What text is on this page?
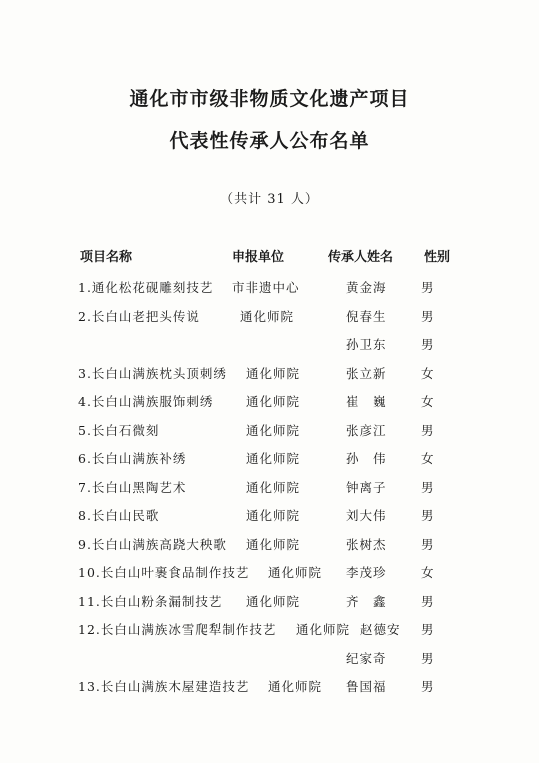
通化市市级非物质文化遗产项目
代表性传承人公布名单
（共计 31 人）
项目名称	申报单位	传承人姓名 性别
1.通化松花砚雕刻技艺 市非遗中心	黄金海	男
2.长白山老把头传说	通化师院	倪春生	男
孙卫东	男
3.长白山满族枕头顶刺绣 通化师院	张立新	女
4.长白山满族服饰刺绣	通化师院	崔　巍	女
5.长白石微刻	通化师院	张彦江	男
6.长白山满族补绣	通化师院	孙　伟	女
7.长白山黑陶艺术	通化师院	钟离子	男
8.长白山民歌	通化师院	刘大伟	男
9.长白山满族高跷大秧歌 通化师院	张树杰	男
10.长白山叶裹食品制作技艺 通化师院 李茂珍	女
11.长白山粉条漏制技艺 通化师院	齐　鑫	男
12.长白山满族冰雪爬犁制作技艺 通化师院 赵德安 男
纪家奇	男
13.长白山满族木屋建造技艺 通化师院 鲁国福	男
